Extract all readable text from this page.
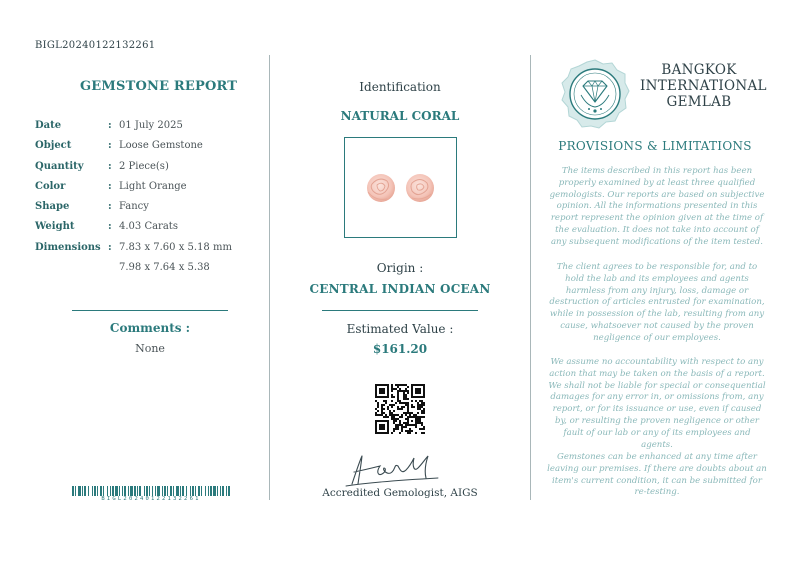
BIGL20240122132261
GEMSTONE REPORT
Date	: 01 July 2025
Object	: Loose Gemstone
Quantity : 2 Piece(s)
Color	: Light Orange
Shape	: Fancy
Weight	: 4.03 Carats
Dimensions : 7.83 x 7.60 x 5.18 mm
7.98 x 7.64 x 5.38
Comments :
None
BIGL20240122132261
Identification
NATURAL CORAL
Origin :
CENTRAL INDIAN OCEAN
Estimated Value :
$161.20
Accredited Gemologist, AIGS
BANGKOK
INTERNATIONAL
GEMLAB
PROVISIONS & LIMITATIONS
The items described in this report has been properly examined by at least three qualified gemologists. Our reports are based on subjective opinion. All the informations presented in this report represent the opinion given at the time of the evaluation. It does not take into account of any subsequent modifications of the item tested.
The client agrees to be responsible for, and to hold the lab and its employees and agents harmless from any injury, loss, damage or destruction of articles entrusted for examination, while in possession of the lab, resulting from any cause, whatsoever not caused by the proven negligence of our employees.
We assume no accountability with respect to any action that may be taken on the basis of a report. We shall not be liable for special or consequential damages for any error in, or omissions from, any report, or for its issuance or use, even if caused by, or resulting the proven negligence or other fault of our lab or any of its employees and agents.
Gemstones can be enhanced at any time after leaving our premises. If there are doubts about an item's current condition, it can be submitted for re-testing.
